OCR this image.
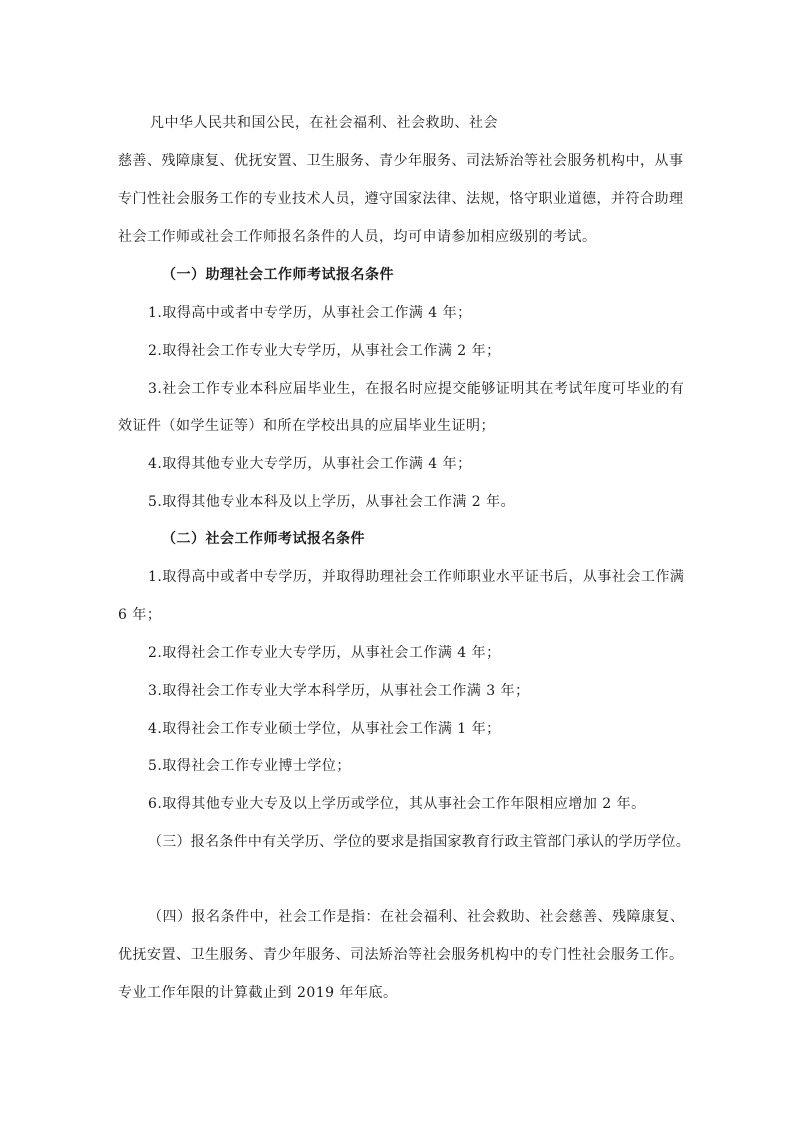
凡中华人民共和国公民，在社会福利、社会救助、社会
慈善、残障康复、优抚安置、卫生服务、青少年服务、司法矫治等社会服务机构中，从事
专门性社会服务工作的专业技术人员，遵守国家法律、法规，恪守职业道德，并符合助理
社会工作师或社会工作师报名条件的人员，均可申请参加相应级别的考试。
（一）助理社会工作师考试报名条件
1.取得高中或者中专学历，从事社会工作满 4 年；
2.取得社会工作专业大专学历，从事社会工作满 2 年；
3.社会工作专业本科应届毕业生，在报名时应提交能够证明其在考试年度可毕业的有
效证件（如学生证等）和所在学校出具的应届毕业生证明；
4.取得其他专业大专学历，从事社会工作满 4 年；
5.取得其他专业本科及以上学历，从事社会工作满 2 年。
（二）社会工作师考试报名条件
1.取得高中或者中专学历，并取得助理社会工作师职业水平证书后，从事社会工作满
6 年；
2.取得社会工作专业大专学历，从事社会工作满 4 年；
3.取得社会工作专业大学本科学历，从事社会工作满 3 年；
4.取得社会工作专业硕士学位，从事社会工作满 1 年；
5.取得社会工作专业博士学位；
6.取得其他专业大专及以上学历或学位，其从事社会工作年限相应增加 2 年。
（三）报名条件中有关学历、学位的要求是指国家教育行政主管部门承认的学历学位。
（四）报名条件中，社会工作是指：在社会福利、社会救助、社会慈善、残障康复、
优抚安置、卫生服务、青少年服务、司法矫治等社会服务机构中的专门性社会服务工作。
专业工作年限的计算截止到 2019 年年底。
